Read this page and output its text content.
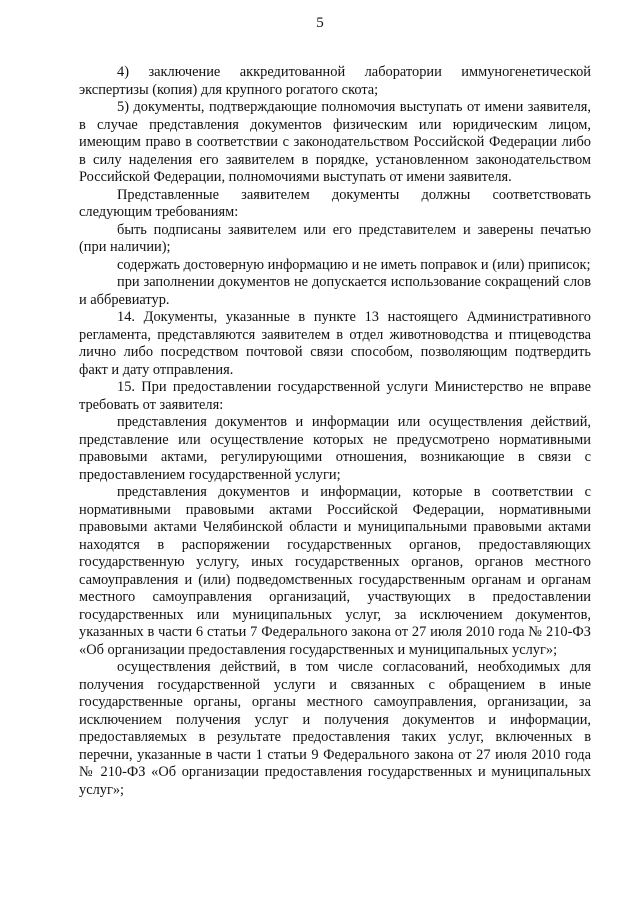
5

4) заключение аккредитованной лаборатории иммуногенетической экспертизы (копия) для крупного рогатого скота;

5) документы, подтверждающие полномочия выступать от имени заявителя, в случае представления документов физическим или юридическим лицом, имеющим право в соответствии с законодательством Российской Федерации либо в силу наделения его заявителем в порядке, установленном законодательством Российской Федерации, полномочиями выступать от имени заявителя.

Представленные заявителем документы должны соответствовать следующим требованиям:

быть подписаны заявителем или его представителем и заверены печатью (при наличии);

содержать достоверную информацию и не иметь поправок и (или) приписок;

при заполнении документов не допускается использование сокращений слов и аббревиатур.

14. Документы, указанные в пункте 13 настоящего Административного регламента, представляются заявителем в отдел животноводства и птицеводства лично либо посредством почтовой связи способом, позволяющим подтвердить факт и дату отправления.

15. При предоставлении государственной услуги Министерство не вправе требовать от заявителя:

представления документов и информации или осуществления действий, представление или осуществление которых не предусмотрено нормативными правовыми актами, регулирующими отношения, возникающие в связи с предоставлением государственной услуги;

представления документов и информации, которые в соответствии с нормативными правовыми актами Российской Федерации, нормативными правовыми актами Челябинской области и муниципальными правовыми актами находятся в распоряжении государственных органов, предоставляющих государственную услугу, иных государственных органов, органов местного самоуправления и (или) подведомственных государственным органам и органам местного самоуправления организаций, участвующих в предоставлении государственных или муниципальных услуг, за исключением документов, указанных в части 6 статьи 7 Федерального закона от 27 июля 2010 года № 210-ФЗ «Об организации предоставления государственных и муниципальных услуг»;

осуществления действий, в том числе согласований, необходимых для получения государственной услуги и связанных с обращением в иные государственные органы, органы местного самоуправления, организации, за исключением получения услуг и получения документов и информации, предоставляемых в результате предоставления таких услуг, включенных в перечни, указанные в части 1 статьи 9 Федерального закона от 27 июля 2010 года № 210-ФЗ «Об организации предоставления государственных и муниципальных услуг»;
